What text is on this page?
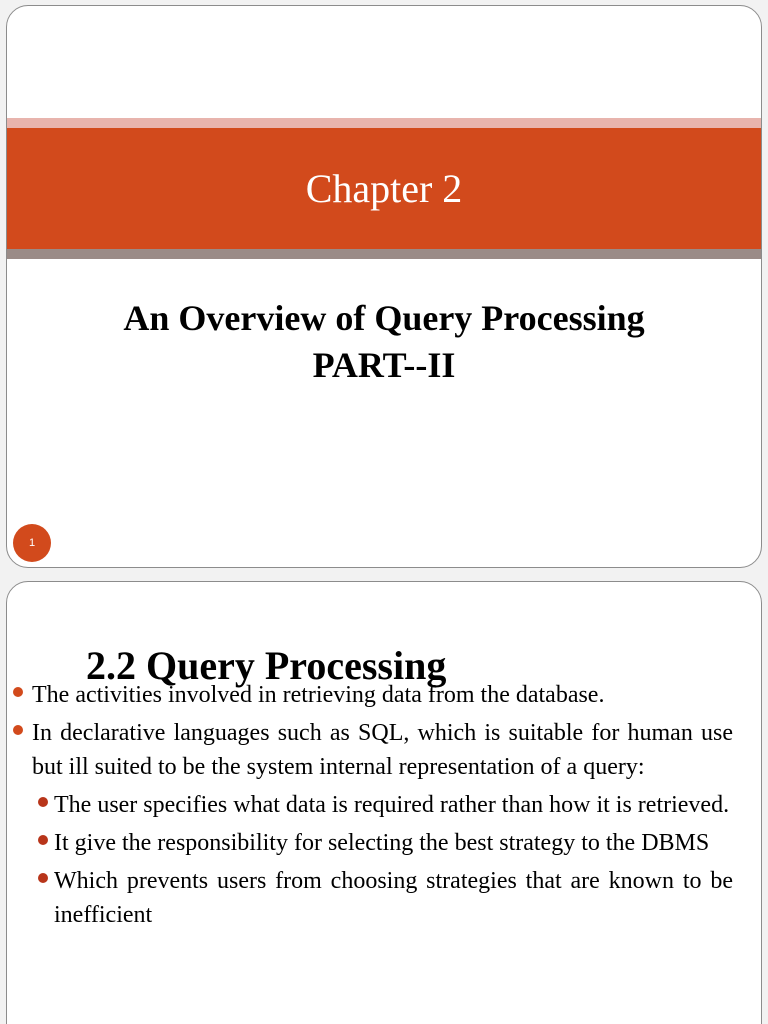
Chapter 2
An Overview of Query Processing
PART--II
1
2.2 Query Processing
The activities involved in retrieving data from the database.
In declarative languages such as SQL, which is suitable for human use but ill suited to be the system internal representation of a query:
The user specifies what data is required rather than how it is retrieved.
It give the responsibility for selecting the best strategy to the DBMS
Which prevents users from choosing strategies that are known to be inefficient
